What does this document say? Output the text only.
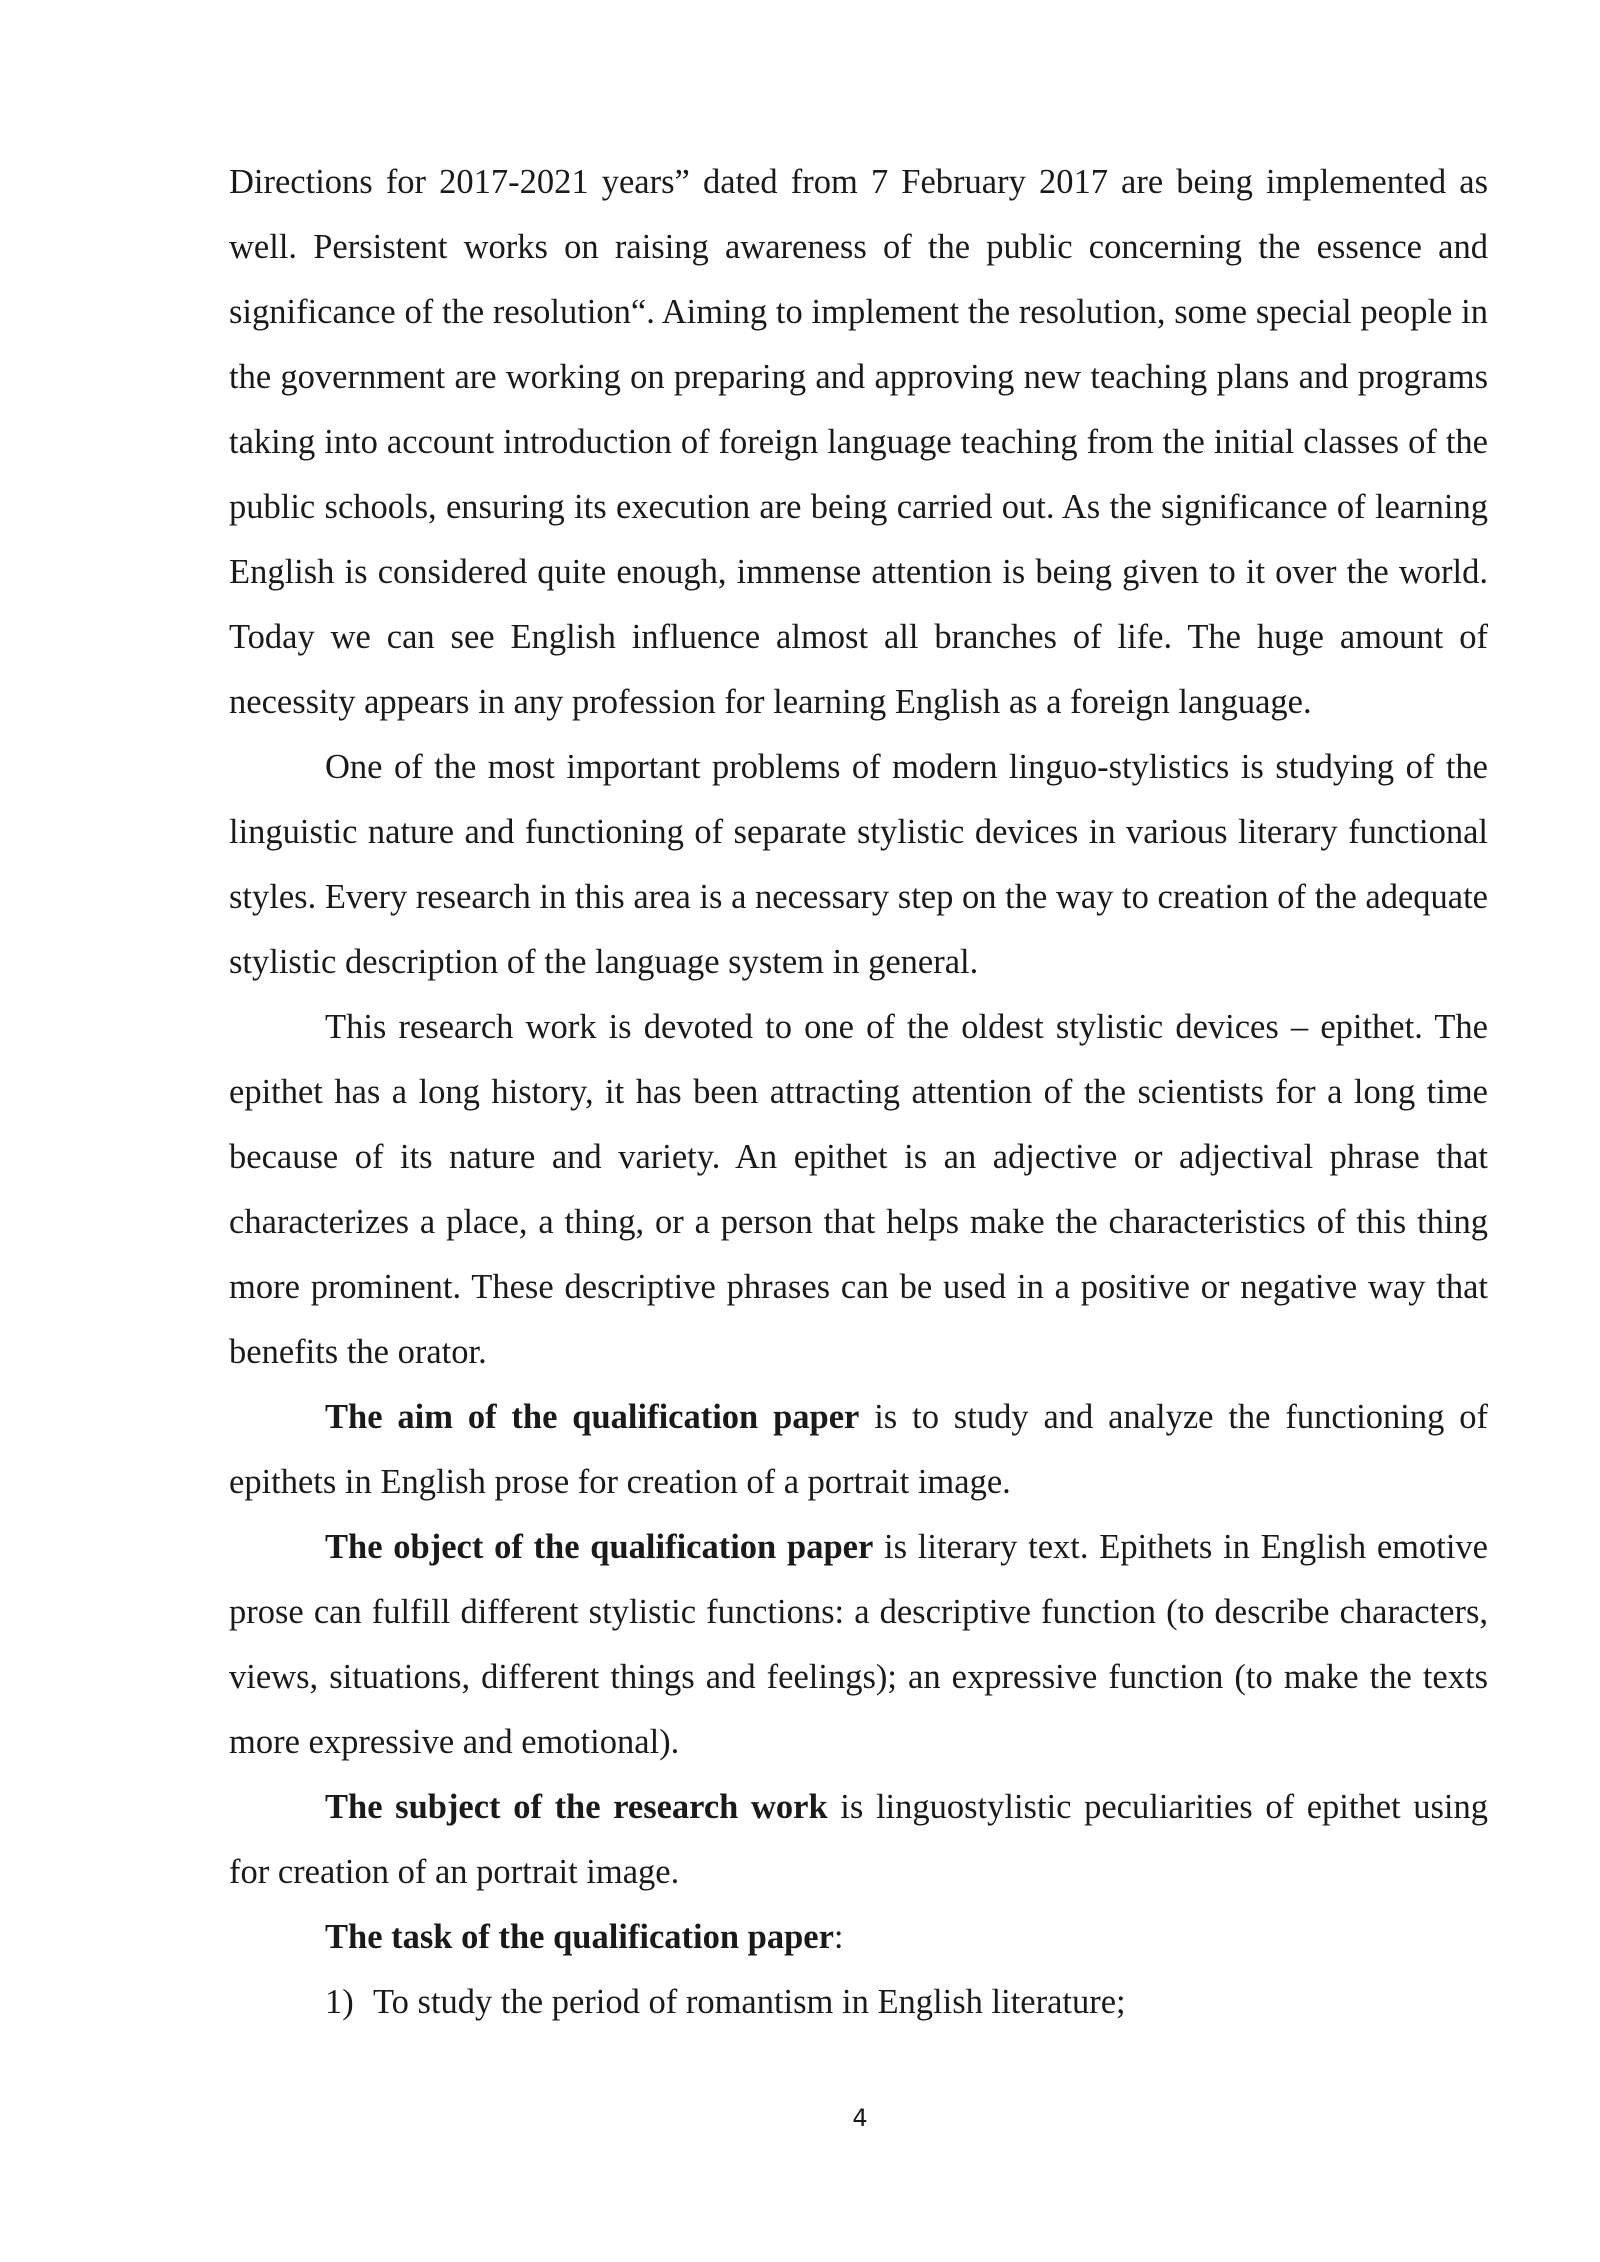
Directions for 2017-2021 years” dated from 7 February 2017 are being implemented as well. Persistent works on raising awareness of the public concerning the essence and significance of the resolution“. Aiming to implement the resolution, some special people in the government are working on preparing and approving new teaching plans and programs taking into account introduction of foreign language teaching from the initial classes of the public schools, ensuring its execution are being carried out. As the significance of learning English is considered quite enough, immense attention is being given to it over the world. Today we can see English influence almost all branches of life. The huge amount of necessity appears in any profession for learning English as a foreign language.

One of the most important problems of modern linguo-stylistics is studying of the linguistic nature and functioning of separate stylistic devices in various literary functional styles. Every research in this area is a necessary step on the way to creation of the adequate stylistic description of the language system in general.

This research work is devoted to one of the oldest stylistic devices – epithet. The epithet has a long history, it has been attracting attention of the scientists for a long time because of its nature and variety. An epithet is an adjective or adjectival phrase that characterizes a place, a thing, or a person that helps make the characteristics of this thing more prominent. These descriptive phrases can be used in a positive or negative way that benefits the orator.

The aim of the qualification paper is to study and analyze the functioning of epithets in English prose for creation of a portrait image.

The object of the qualification paper is literary text. Epithets in English emotive prose can fulfill different stylistic functions: a descriptive function (to describe characters, views, situations, different things and feelings); an expressive function (to make the texts more expressive and emotional).

The subject of the research work is linguostylistic peculiarities of epithet using for creation of an portrait image.

The task of the qualification paper:
1) To study the period of romantism in English literature;
4
